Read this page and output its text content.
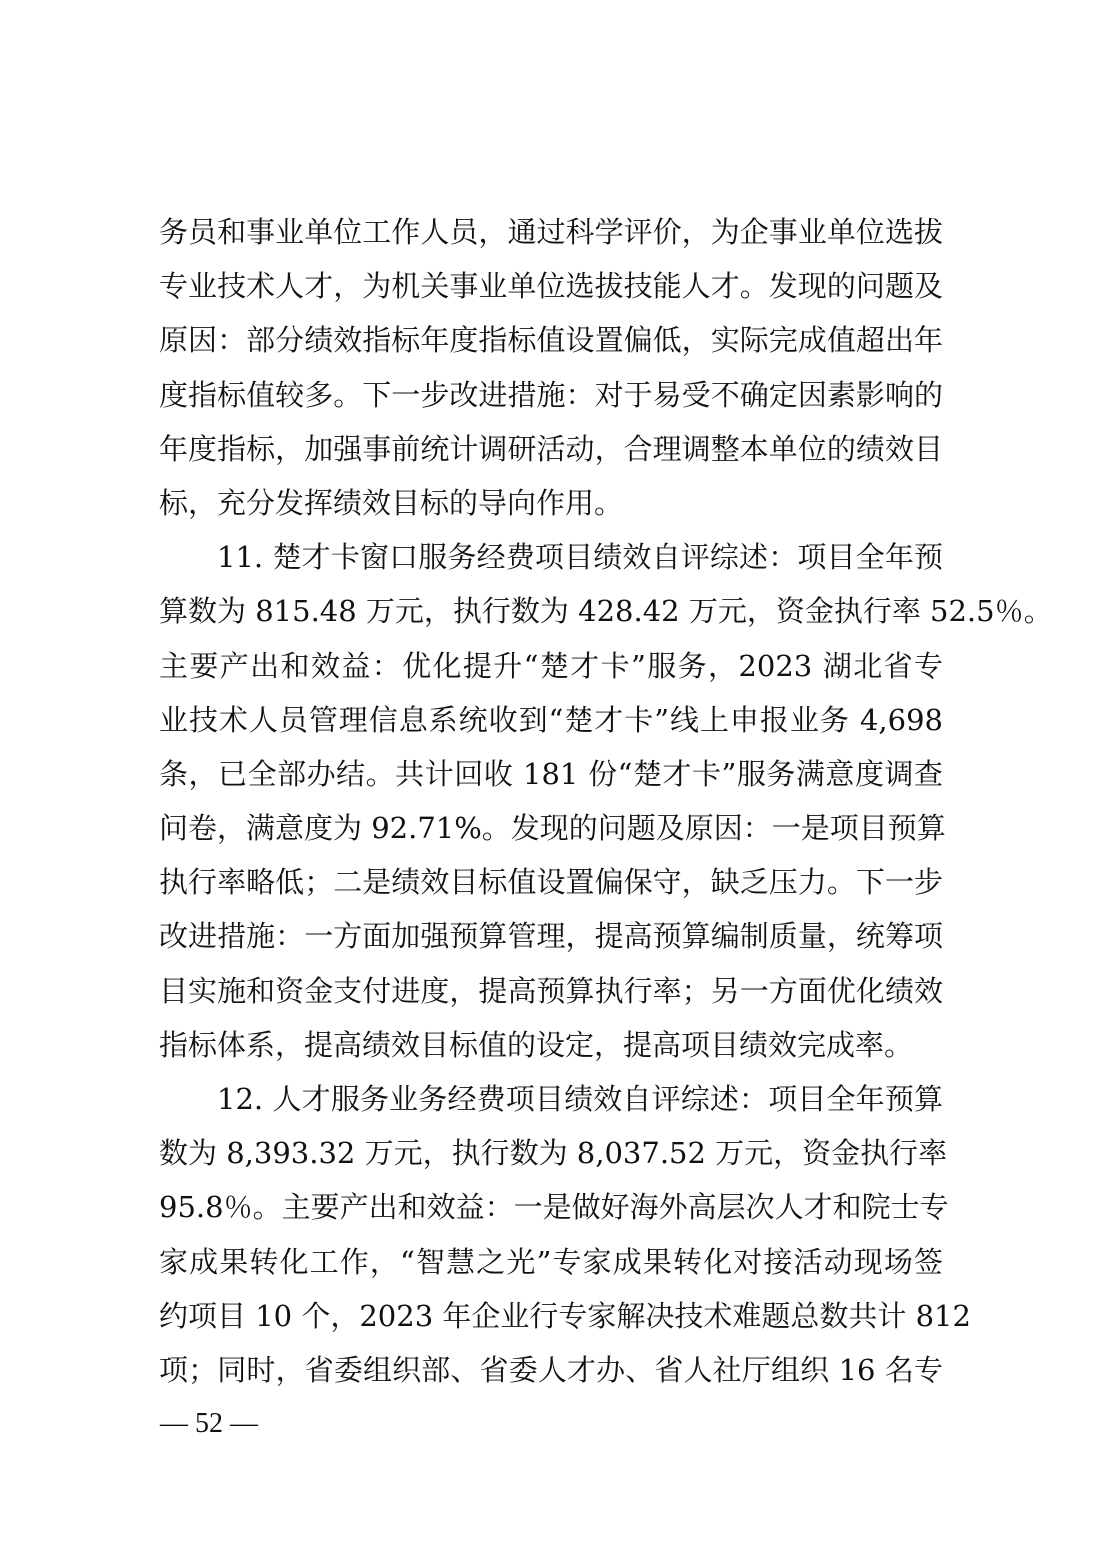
务员和事业单位工作人员，通过科学评价，为企事业单位选拔
专业技术人才，为机关事业单位选拔技能人才。发现的问题及
原因：部分绩效指标年度指标值设置偏低，实际完成值超出年
度指标值较多。下一步改进措施：对于易受不确定因素影响的
年度指标，加强事前统计调研活动，合理调整本单位的绩效目
标，充分发挥绩效目标的导向作用。
11. 楚才卡窗口服务经费项目绩效自评综述：项目全年预
算数为 815.48 万元，执行数为 428.42 万元，资金执行率 52.5％。
主要产出和效益：优化提升“楚才卡”服务，2023 湖北省专
业技术人员管理信息系统收到“楚才卡”线上申报业务 4,698
条，已全部办结。共计回收 181 份“楚才卡”服务满意度调查
问卷，满意度为 92.71%。发现的问题及原因：一是项目预算
执行率略低；二是绩效目标值设置偏保守，缺乏压力。下一步
改进措施：一方面加强预算管理，提高预算编制质量，统筹项
目实施和资金支付进度，提高预算执行率；另一方面优化绩效
指标体系，提高绩效目标值的设定，提高项目绩效完成率。
12. 人才服务业务经费项目绩效自评综述：项目全年预算
数为 8,393.32 万元，执行数为 8,037.52 万元，资金执行率
95.8％。主要产出和效益：一是做好海外高层次人才和院士专
家成果转化工作，“智慧之光”专家成果转化对接活动现场签
约项目 10 个，2023 年企业行专家解决技术难题总数共计 812
项；同时，省委组织部、省委人才办、省人社厅组织 16 名专
— 52 —
